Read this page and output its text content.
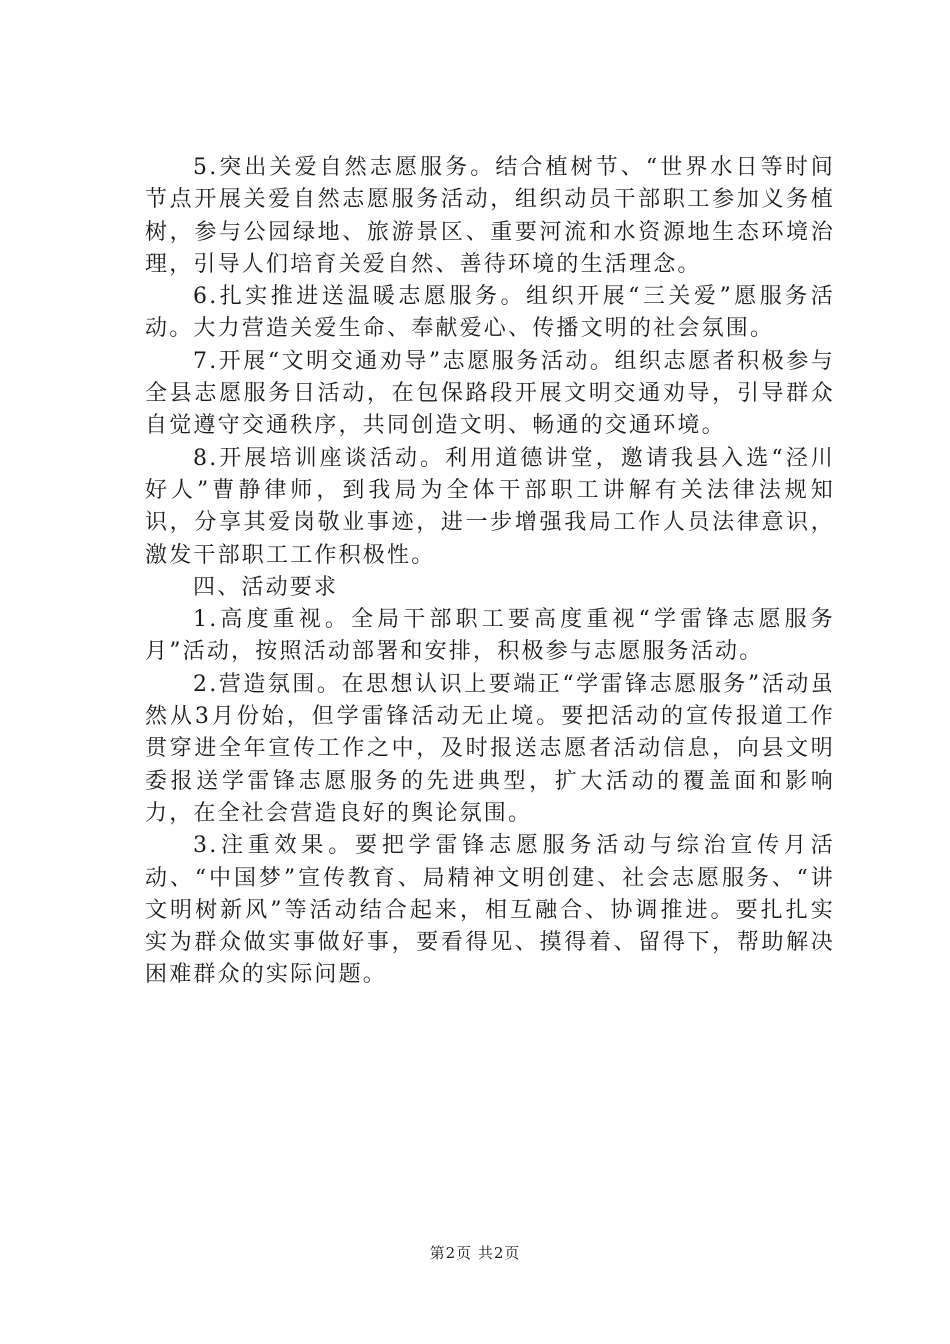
5.突出关爱自然志愿服务。结合植树节、“世界水日等时间节点开展关爱自然志愿服务活动，组织动员干部职工参加义务植树，参与公园绿地、旅游景区、重要河流和水资源地生态环境治理，引导人们培育关爱自然、善待环境的生活理念。

6.扎实推进送温暖志愿服务。组织开展“三关爱”愿服务活动。大力营造关爱生命、奉献爱心、传播文明的社会氛围。

7.开展“文明交通劝导”志愿服务活动。组织志愿者积极参与全县志愿服务日活动，在包保路段开展文明交通劝导，引导群众自觉遵守交通秩序，共同创造文明、畅通的交通环境。

8.开展培训座谈活动。利用道德讲堂，邀请我县入选“泾川好人”曹静律师，到我局为全体干部职工讲解有关法律法规知识，分享其爱岗敬业事迹，进一步增强我局工作人员法律意识，激发干部职工工作积极性。

四、活动要求

1.高度重视。全局干部职工要高度重视“学雷锋志愿服务月”活动，按照活动部署和安排，积极参与志愿服务活动。

2.营造氛围。在思想认识上要端正“学雷锋志愿服务”活动虽然从3月份始，但学雷锋活动无止境。要把活动的宣传报道工作贯穿进全年宣传工作之中，及时报送志愿者活动信息，向县文明委报送学雷锋志愿服务的先进典型，扩大活动的覆盖面和影响力，在全社会营造良好的舆论氛围。

3.注重效果。要把学雷锋志愿服务活动与综治宣传月活动、“中国梦”宣传教育、局精神文明创建、社会志愿服务、“讲文明树新风”等活动结合起来，相互融合、协调推进。要扎扎实实为群众做实事做好事，要看得见、摸得着、留得下，帮助解决困难群众的实际问题。

第2页 共2页
